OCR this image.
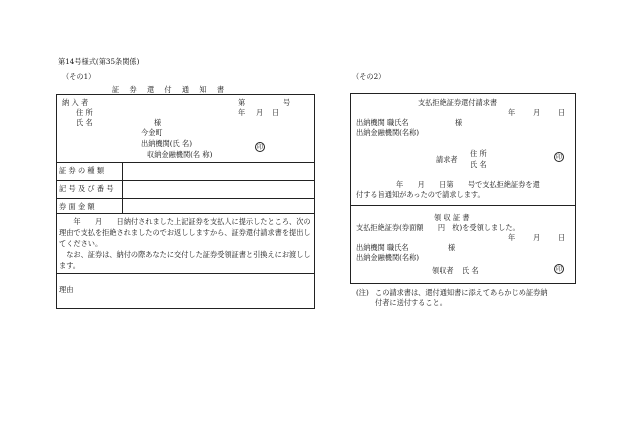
第14号様式(第35条関係)
（その1）
証 券 還 付 通 知 書
納 入 者
住 所
氏 名	様
今金町
出納機関(氏 名)
収納金融機関(名 称)
第	号
年 月 日
印
証 券 の 種 類
記 号 及 び 番 号
券 面 金 額
　　年　　月　　日納付されました上記証券を支払人に提示したところ、次の理由で支払を拒絶されましたのでお返ししますから、証券還付請求書を提出してください。
　なお、証券は、納付の際あなたに交付した証券受領証書と引換えにお渡しします。
理由
（その2）
支払拒絶証券還付請求書
年 月 日
出納機関 職氏名	様
出納金融機関(名称)
請求者
住 所
氏 名
印
年　　月　　日第　　号で支払拒絶証券を還
付する旨通知があったので請求します。
領 収 証 書
支払拒絶証券(券面額　　円　枚)を受領しました。
年 月 日
出納機関 職氏名	様
出納金融機関(名称)
領収者 氏 名	印
(注) この請求書は、還付通知書に添えてあらかじめ証券納付者に送付すること。
